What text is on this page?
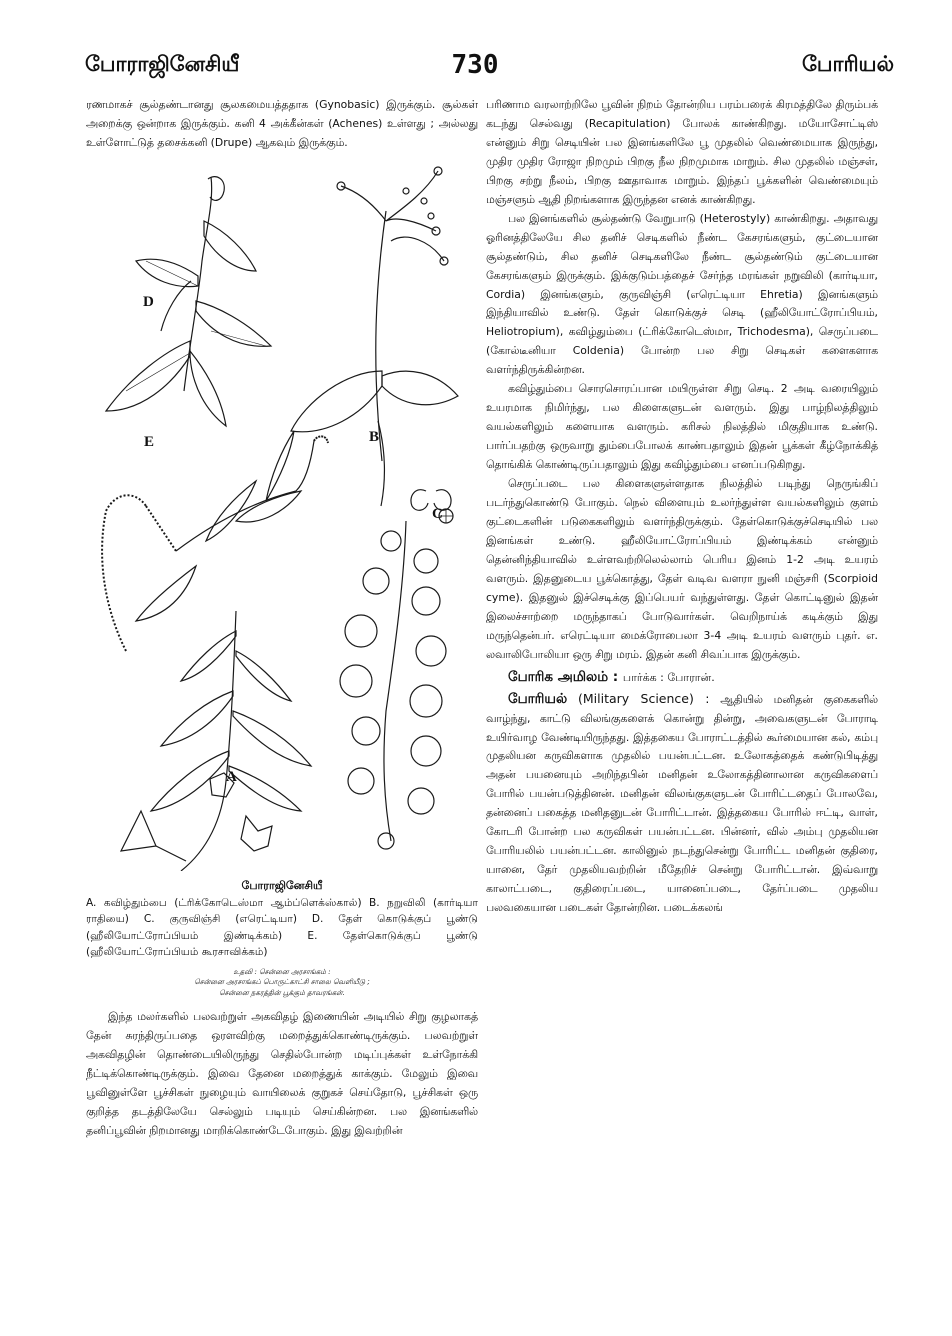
போராஜினேசியீ	730	போரியல்

ரணமாகச் சூல்தண்டானது சூலகமையத்ததாக (Gynobasic) இருக்கும். சூல்கள் அறைக்கு ஒன்றாக இருக்கும். கனி 4 அக்கீன்கள் (Achenes) உள்ளது ; அல்லது உள்ளோட்டுத் தசைக்கனி (Drupe) ஆகவும் இருக்கும்.

D
B
E
C
A
போராஜினேசியீ
A. கவிழ்தும்பை (ட்ரிக்கோடெஸ்மா ஆம்ப்ளெக்ஸ்கால்) B. நறுவிலி (கார்டியா ராதியை) C. குருவிஞ்சி (எரெட்டியா) D. தேள் கொடுக்குப் பூண்டு (ஹீலியோட்ரோப்பியம் இண்டிக்கம்) E. தேள்கொடுக்குப் பூண்டு (ஹீலியோட்ரோப்பியம் கூரசாவிக்கம்)
உதவி : சென்னை அரசாங்கம் :
சென்னை அரசாங்கப் பொருட்காட்சி சாலை வெளியீடு ;
சென்னை நகரத்தின் பூக்கும் தாவரங்கள்.

இந்த மலர்களில் பலவற்றுள் அகவிதழ் இணையின் அடியில் சிறு குழலாகத் தேன் சுரந்திருப்பதை ஒரளவிற்கு மறைத்துக்கொண்டிருக்கும். பலவற்றுள் அகவிதழின் தொண்டையிலிருந்து செதில்போன்ற மடிப்புக்கள் உள்நோக்கி நீட்டிக்கொண்டிருக்கும். இவை தேனை மறைத்துக் காக்கும். மேலும் இவை பூவினுள்ளே பூச்சிகள் நுழையும் வாயிலைக் குறுகச் செய்தோடு, பூச்சிகள் ஒரு குறித்த தடத்திலேயே செல்லும் படியும் செய்கின்றன. பல இனங்களில் தனிப்பூவின் நிறமானது மாறிக்கொண்டேபோகும். இது இவற்றின்

பரிணாம வரலாற்றிலே பூவின் நிறம் தோன்றிய பரம்பரைக் கிரமத்திலே திரும்பக் கடந்து செல்வது (Recapitulation) போலக் காண்கிறது. மயோசோட்டிஸ் என்னும் சிறு செடியின் பல இனங்களிலே பூ முதலில் வெண்மையாக இருந்து, முதிர முதிர ரோஜா நிறமும் பிறகு நீல நிறமுமாக மாறும். சில முதலில் மஞ்சள், பிறகு சற்று நீலம், பிறகு ஊதாவாக மாறும். இந்தப் பூக்களின் வெண்மையும் மஞ்சளும் ஆதி நிறங்களாக இருந்தன எனக் காண்கிறது.

பல இனங்களில் சூல்தண்டு வேறுபாடு (Heterostyly) காண்கிறது. அதாவது ஓரினத்திலேயே சில தனிச் செடிகளில் நீண்ட கேசரங்களும், குட்டையான சூல்தண்டும், சில தனிச் செடிகளிலே நீண்ட சூல்தண்டும் குட்டையான கேசரங்களும் இருக்கும். இக்குடும்பத்தைச் சேர்ந்த மரங்கள் நறுவிலி (கார்டியா, Cordia) இனங்களும், குருவிஞ்சி (எரெட்டியா Ehretia) இனங்களும் இந்தியாவில் உண்டு. தேள் கொடுக்குச் செடி (ஹீலியோட்ரோப்பியம், Heliotropium), கவிழ்தும்பை (ட்ரிக்கோடெஸ்மா, Trichodesma), செருப்படை (கோல்டீனியா Coldenia) போன்ற பல சிறு செடிகள் களைகளாக வளர்ந்திருக்கின்றன.

கவிழ்தும்பை சொரசொரப்பான மயிருள்ள சிறு செடி. 2 அடி வரையிலும் உயரமாக நிமிர்ந்து, பல கிளைகளுடன் வளரும். இது பாழ்நிலத்திலும் வயல்களிலும் களையாக வளரும். கரிசல் நிலத்தில் மிகுதியாக உண்டு. பார்ப்பதற்கு ஒருவாறு தும்பைபோலக் காண்பதாலும் இதன் பூக்கள் கீழ்நோக்கித் தொங்கிக் கொண்டிருப்பதாலும் இது கவிழ்தும்பை எனப்படுகிறது.

செருப்படை பல கிளைகளுள்ளதாக நிலத்தில் படிந்து நெருங்கிப் படர்ந்துகொண்டு போகும். நெல் விளையும் உலர்ந்துள்ள வயல்களிலும் குளம் குட்டைகளின் படுகைகளிலும் வளர்ந்திருக்கும். தேள்கொடுக்குச்செடியில் பல இனங்கள் உண்டு. ஹீலியோட்ரோப்பியம் இண்டிக்கம் என்னும் தென்னிந்தியாவில் உள்ளவற்றிலெல்லாம் பெரிய இனம் 1-2 அடி உயரம் வளரும். இதனுடைய பூக்கொத்து, தேள் வடிவ வளரா நுனி மஞ்சரி (Scorpioid cyme). இதனுல் இச்செடிக்கு இப்பெயர் வந்துள்ளது. தேள் கொட்டினுல் இதன் இலைச்சாற்றை மருந்தாகப் போடுவார்கள். வெறிநாய்க் கடிக்கும் இது மருந்தென்பர். எரெட்டியா மைக்ரோபைலா 3-4 அடி உயரம் வளரும் புதர். எ. லவாலிபோலியா ஒரு சிறு மரம். இதன் கனி சிவப்பாக இருக்கும்.

போரிக அமிலம் : பார்க்க : போரான்.

போரியல் (Military Science) : ஆதியில் மனிதன் குகைகளில் வாழ்ந்து, காட்டு விலங்குகளைக் கொன்று தின்று, அவைகளுடன் போராடி உயிர்வாழ வேண்டியிருந்தது. இத்தகைய போராட்டத்தில் கூர்மையான கல், கம்பு முதலியன கருவிகளாக முதலில் பயன்பட்டன. உலோகத்தைக் கண்டுபிடித்து அதன் பயனையும் அறிந்தபின் மனிதன் உலோகத்தினாலான கருவிகளைப் போரில் பயன்படுத்தினன். மனிதன் விலங்குகளுடன் போரிட்டதைப் போலவே, தன்னைப் பகைத்த மனிதனுடன் போரிட்டான். இத்தகைய போரில் ஈட்டி, வாள், கோடரி போன்ற பல கருவிகள் பயன்பட்டன. பின்னர், வில் அம்பு முதலியன போரியலில் பயன்பட்டன. காலினுல் நடந்துசென்று போரிட்ட மனிதன் குதிரை, யானை, தேர் முதலியவற்றின் மீதேறிச் சென்று போரிட்டான். இவ்வாறு காலாட்படை, குதிரைப்படை, யானைப்படை, தேர்ப்படை முதலிய பலவகையான படைகள் தோன்றின. படைக்கலங்
